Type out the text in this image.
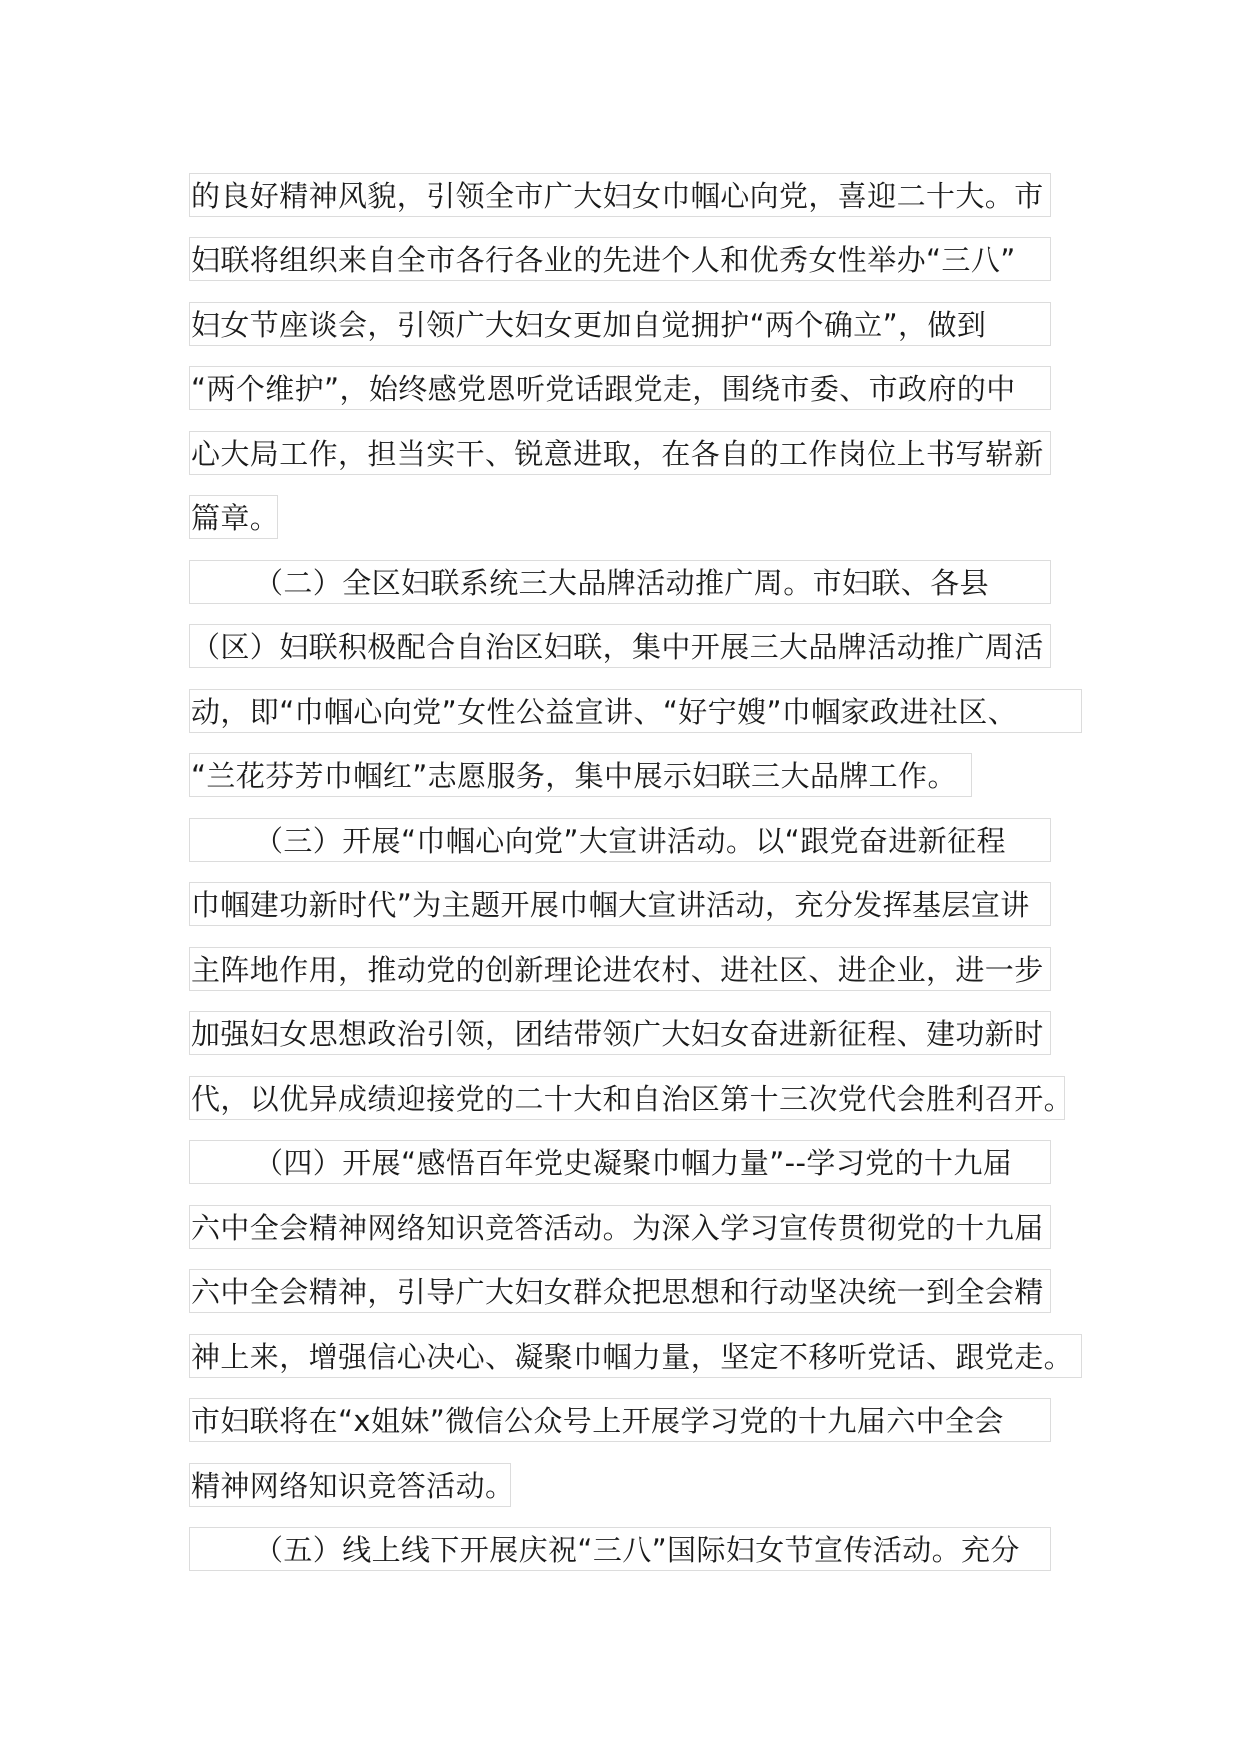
的良好精神风貌，引领全市广大妇女巾帼心向党，喜迎二十大。市
妇联将组织来自全市各行各业的先进个人和优秀女性举办“三八”
妇女节座谈会，引领广大妇女更加自觉拥护“两个确立”，做到
“两个维护”，始终感党恩听党话跟党走，围绕市委、市政府的中
心大局工作，担当实干、锐意进取，在各自的工作岗位上书写崭新
篇章。
（二）全区妇联系统三大品牌活动推广周。市妇联、各县
（区）妇联积极配合自治区妇联，集中开展三大品牌活动推广周活
动，即“巾帼心向党”女性公益宣讲、“好宁嫂”巾帼家政进社区、
“兰花芬芳巾帼红”志愿服务，集中展示妇联三大品牌工作。
（三）开展“巾帼心向党”大宣讲活动。以“跟党奋进新征程
巾帼建功新时代”为主题开展巾帼大宣讲活动，充分发挥基层宣讲
主阵地作用，推动党的创新理论进农村、进社区、进企业，进一步
加强妇女思想政治引领，团结带领广大妇女奋进新征程、建功新时
代，以优异成绩迎接党的二十大和自治区第十三次党代会胜利召开。
（四）开展“感悟百年党史凝聚巾帼力量”--学习党的十九届
六中全会精神网络知识竞答活动。为深入学习宣传贯彻党的十九届
六中全会精神，引导广大妇女群众把思想和行动坚决统一到全会精
神上来，增强信心决心、凝聚巾帼力量，坚定不移听党话、跟党走。
市妇联将在“x姐妹”微信公众号上开展学习党的十九届六中全会
精神网络知识竞答活动。
（五）线上线下开展庆祝“三八”国际妇女节宣传活动。充分
